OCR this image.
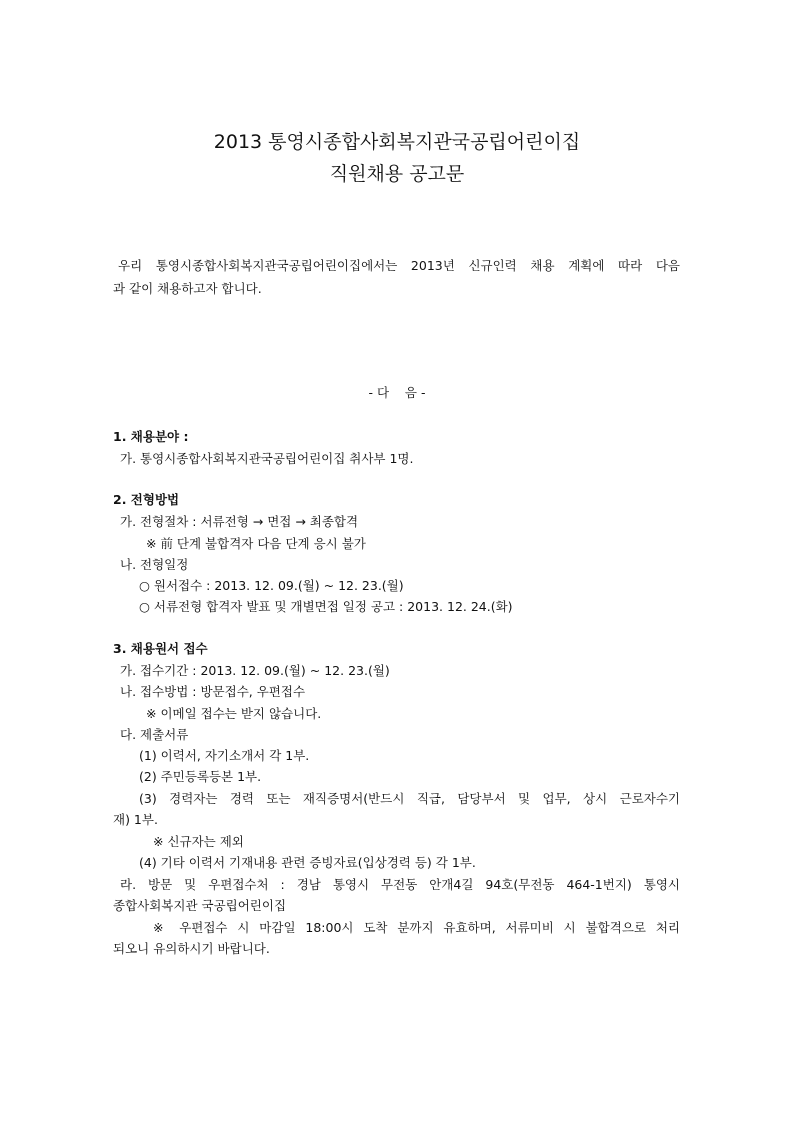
2013 통영시종합사회복지관국공립어린이집
직원채용 공고문
우리 통영시종합사회복지관국공립어린이집에서는 2013년 신규인력 채용 계획에 따라 다음
과 같이 채용하고자 합니다.
- 다    음 -
1. 채용분야 :
가. 통영시종합사회복지관국공립어린이집 취사부 1명.
2. 전형방법
가. 전형절차 : 서류전형 → 면접 → 최종합격
※ 前 단계 불합격자 다음 단계 응시 불가
나. 전형일정
○ 원서접수 : 2013. 12. 09.(월) ~ 12. 23.(월)
○ 서류전형 합격자 발표 및 개별면접 일정 공고 : 2013. 12. 24.(화)
3. 채용원서 접수
가. 접수기간 : 2013. 12. 09.(월) ~ 12. 23.(월)
나. 접수방법 : 방문접수, 우편접수
※ 이메일 접수는 받지 않습니다.
다. 제출서류
(1) 이력서, 자기소개서 각 1부.
(2) 주민등록등본 1부.
(3) 경력자는 경력 또는 재직증명서(반드시 직급, 담당부서 및 업무, 상시 근로자수기
재) 1부.
※ 신규자는 제외
(4) 기타 이력서 기재내용 관련 증빙자료(입상경력 등) 각 1부.
라. 방문 및 우편접수처 : 경남 통영시 무전동 안개4길 94호(무전동 464-1번지) 통영시
종합사회복지관 국공립어린이집
※ 우편접수 시 마감일 18:00시 도착 분까지 유효하며, 서류미비 시 불합격으로 처리
되오니 유의하시기 바랍니다.
